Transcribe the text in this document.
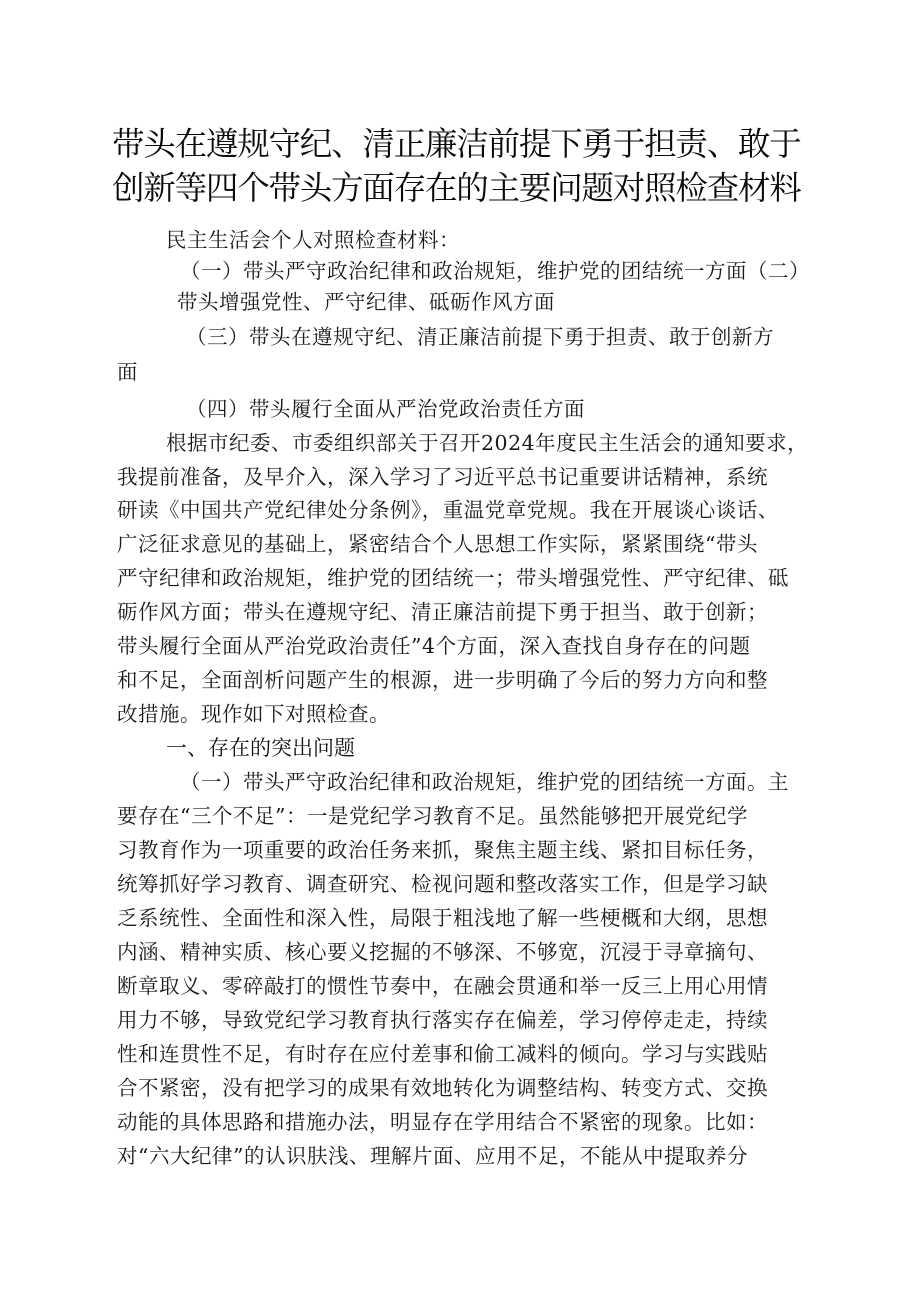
带头在遵规守纪、清正廉洁前提下勇于担责、敢于
创新等四个带头方面存在的主要问题对照检查材料
民主生活会个人对照检查材料：
（一）带头严守政治纪律和政治规矩，维护党的团结统一方面（二）
带头增强党性、严守纪律、砥砺作风方面
（三）带头在遵规守纪、清正廉洁前提下勇于担责、敢于创新方
面
（四）带头履行全面从严治党政治责任方面
根据市纪委、市委组织部关于召开2024年度民主生活会的通知要求，
我提前准备，及早介入，深入学习了习近平总书记重要讲话精神，系统
研读《中国共产党纪律处分条例》，重温党章党规。我在开展谈心谈话、
广泛征求意见的基础上，紧密结合个人思想工作实际，紧紧围绕“带头
严守纪律和政治规矩，维护党的团结统一；带头增强党性、严守纪律、砥
砺作风方面；带头在遵规守纪、清正廉洁前提下勇于担当、敢于创新；
带头履行全面从严治党政治责任”4个方面，深入查找自身存在的问题
和不足，全面剖析问题产生的根源，进一步明确了今后的努力方向和整
改措施。现作如下对照检查。
一、存在的突出问题
（一）带头严守政治纪律和政治规矩，维护党的团结统一方面。主
要存在“三个不足”：一是党纪学习教育不足。虽然能够把开展党纪学
习教育作为一项重要的政治任务来抓，聚焦主题主线、紧扣目标任务，
统筹抓好学习教育、调查研究、检视问题和整改落实工作，但是学习缺
乏系统性、全面性和深入性，局限于粗浅地了解一些梗概和大纲，思想
内涵、精神实质、核心要义挖掘的不够深、不够宽，沉浸于寻章摘句、
断章取义、零碎敲打的惯性节奏中，在融会贯通和举一反三上用心用情
用力不够，导致党纪学习教育执行落实存在偏差，学习停停走走，持续
性和连贯性不足，有时存在应付差事和偷工减料的倾向。学习与实践贴
合不紧密，没有把学习的成果有效地转化为调整结构、转变方式、交换
动能的具体思路和措施办法，明显存在学用结合不紧密的现象。比如：
对“六大纪律”的认识肤浅、理解片面、应用不足，不能从中提取养分
